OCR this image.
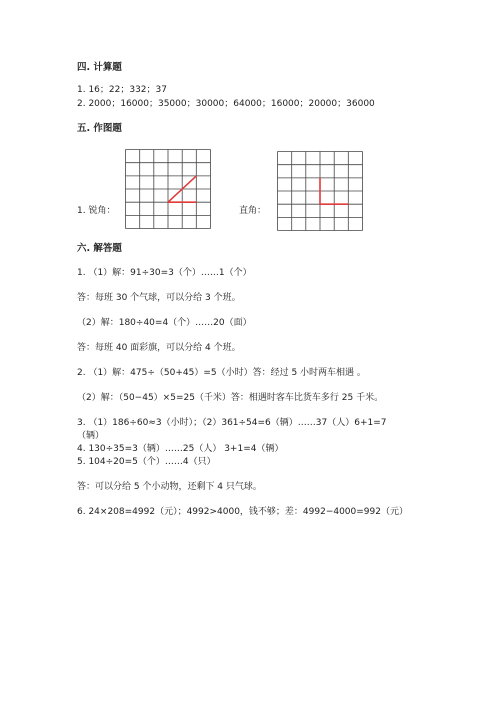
四. 计算题
1. 16；22；332；37
2. 2000；16000；35000；30000；64000；16000；20000；36000
五. 作图题
1. 锐角：	直角：
六. 解答题
1. （1）解：91÷30=3（个）……1（个）
答：每班 30 个气球，可以分给 3 个班。
（2）解：180÷40=4（个）……20（面）
答：每班 40 面彩旗，可以分给 4 个班。
2. （1）解：475÷（50+45）=5（小时）答：经过 5 小时两车相遇 。
（2）解：（50−45）×5=25（千米）答：相遇时客车比货车多行 25 千米。
3. （1）186÷60≈3（小时）；（2）361÷54=6（辆）……37（人）6+1=7
（辆）
4. 130÷35=3（辆）……25（人） 3+1=4（辆）
5. 104÷20=5（个）……4（只）
答：可以分给 5 个小动物，还剩下 4 只气球。
6. 24×208=4992（元）；4992>4000，钱不够；差：4992−4000=992（元）
